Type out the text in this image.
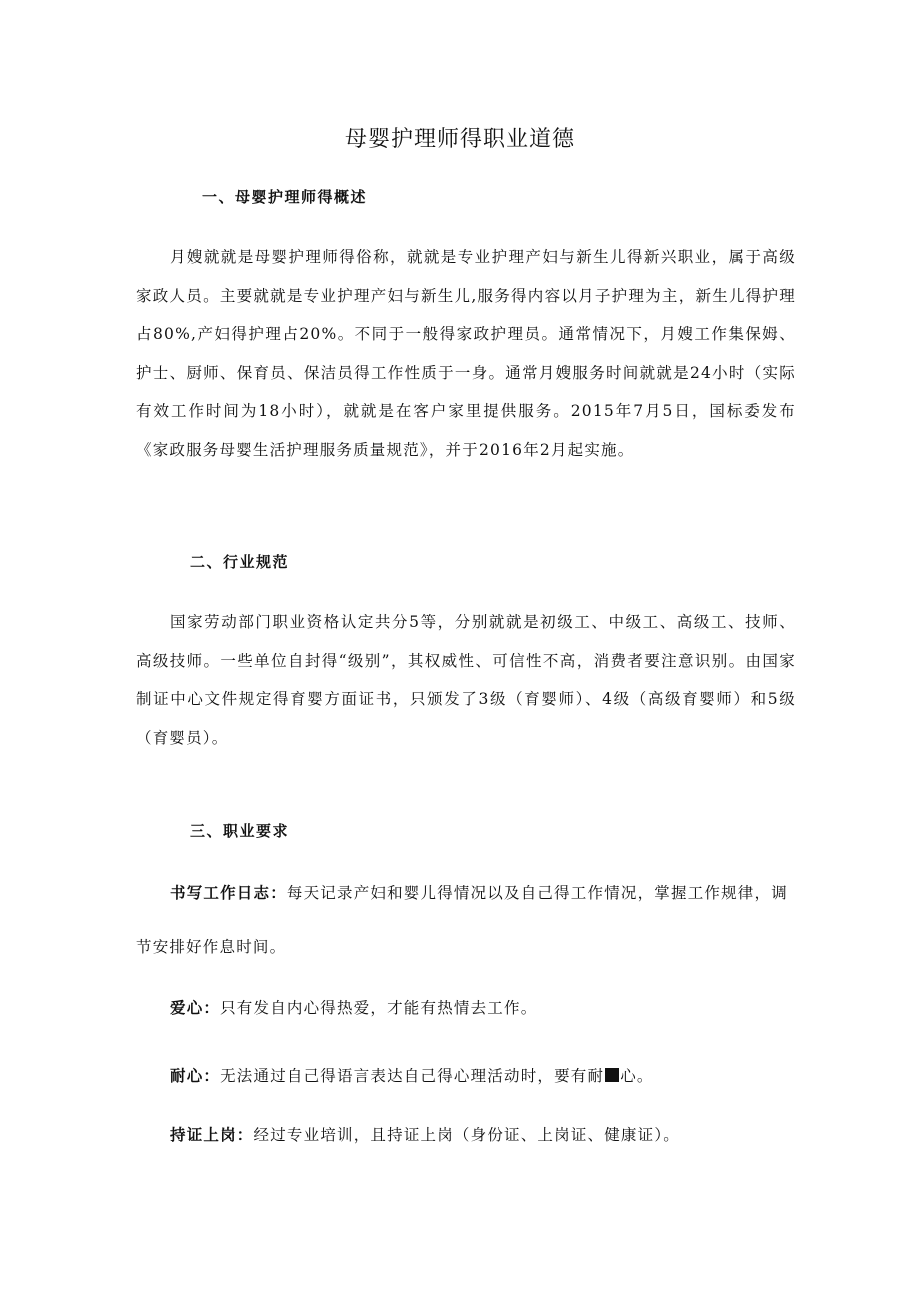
母婴护理师得职业道德
一、母婴护理师得概述
月嫂就就是母婴护理师得俗称，就就是专业护理产妇与新生儿得新兴职业，属于高级家政人员。主要就就是专业护理产妇与新生儿,服务得内容以月子护理为主，新生儿得护理占80%,产妇得护理占20%。不同于一般得家政护理员。通常情况下，月嫂工作集保姆、护士、厨师、保育员、保洁员得工作性质于一身。通常月嫂服务时间就就是24小时（实际有效工作时间为18小时），就就是在客户家里提供服务。2015年7月5日，国标委发布《家政服务母婴生活护理服务质量规范》，并于2016年2月起实施。
二、行业规范
国家劳动部门职业资格认定共分5等，分别就就是初级工、中级工、高级工、技师、高级技师。一些单位自封得“级别”，其权威性、可信性不高，消费者要注意识别。由国家制证中心文件规定得育婴方面证书，只颁发了3级（育婴师）、4级（高级育婴师）和5级（育婴员）。
三、职业要求
书写工作日志：每天记录产妇和婴儿得情况以及自己得工作情况，掌握工作规律，调节安排好作息时间。
爱心：只有发自内心得热爱，才能有热情去工作。
耐心：无法通过自己得语言表达自己得心理活动时，要有耐 心。
持证上岗：经过专业培训，且持证上岗（身份证、上岗证、健康证）。
